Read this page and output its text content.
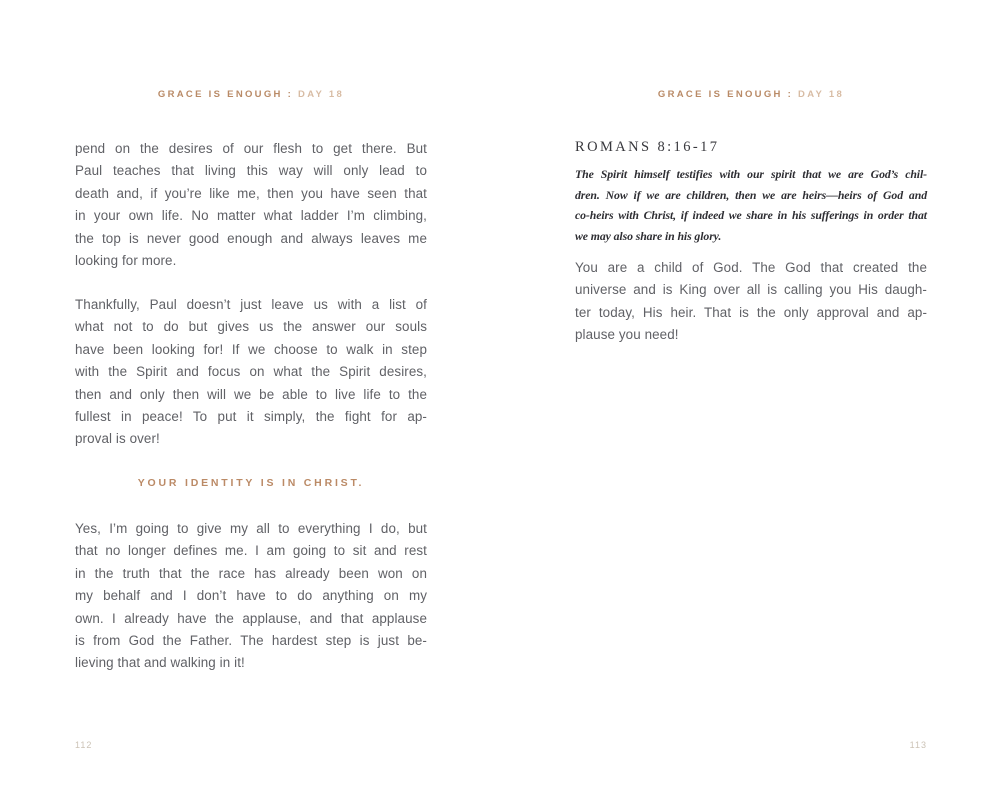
GRACE IS ENOUGH : DAY 18
pend on the desires of our flesh to get there. But
Paul teaches that living this way will only lead to
death and, if you’re like me, then you have seen that
in your own life. No matter what ladder I’m climbing,
the top is never good enough and always leaves me
looking for more.
Thankfully, Paul doesn’t just leave us with a list of
what not to do but gives us the answer our souls
have been looking for! If we choose to walk in step
with the Spirit and focus on what the Spirit desires,
then and only then will we be able to live life to the
fullest in peace! To put it simply, the fight for ap-
proval is over!
YOUR IDENTITY IS IN CHRIST.
Yes, I’m going to give my all to everything I do, but
that no longer defines me. I am going to sit and rest
in the truth that the race has already been won on
my behalf and I don’t have to do anything on my
own. I already have the applause, and that applause
is from God the Father. The hardest step is just be-
lieving that and walking in it!
112
GRACE IS ENOUGH : DAY 18
ROMANS 8:16-17
The Spirit himself testifies with our spirit that we are God’s chil-
dren. Now if we are children, then we are heirs—heirs of God and
co-heirs with Christ, if indeed we share in his sufferings in order that
we may also share in his glory.
You are a child of God. The God that created the
universe and is King over all is calling you His daugh-
ter today, His heir. That is the only approval and ap-
plause you need!
113
